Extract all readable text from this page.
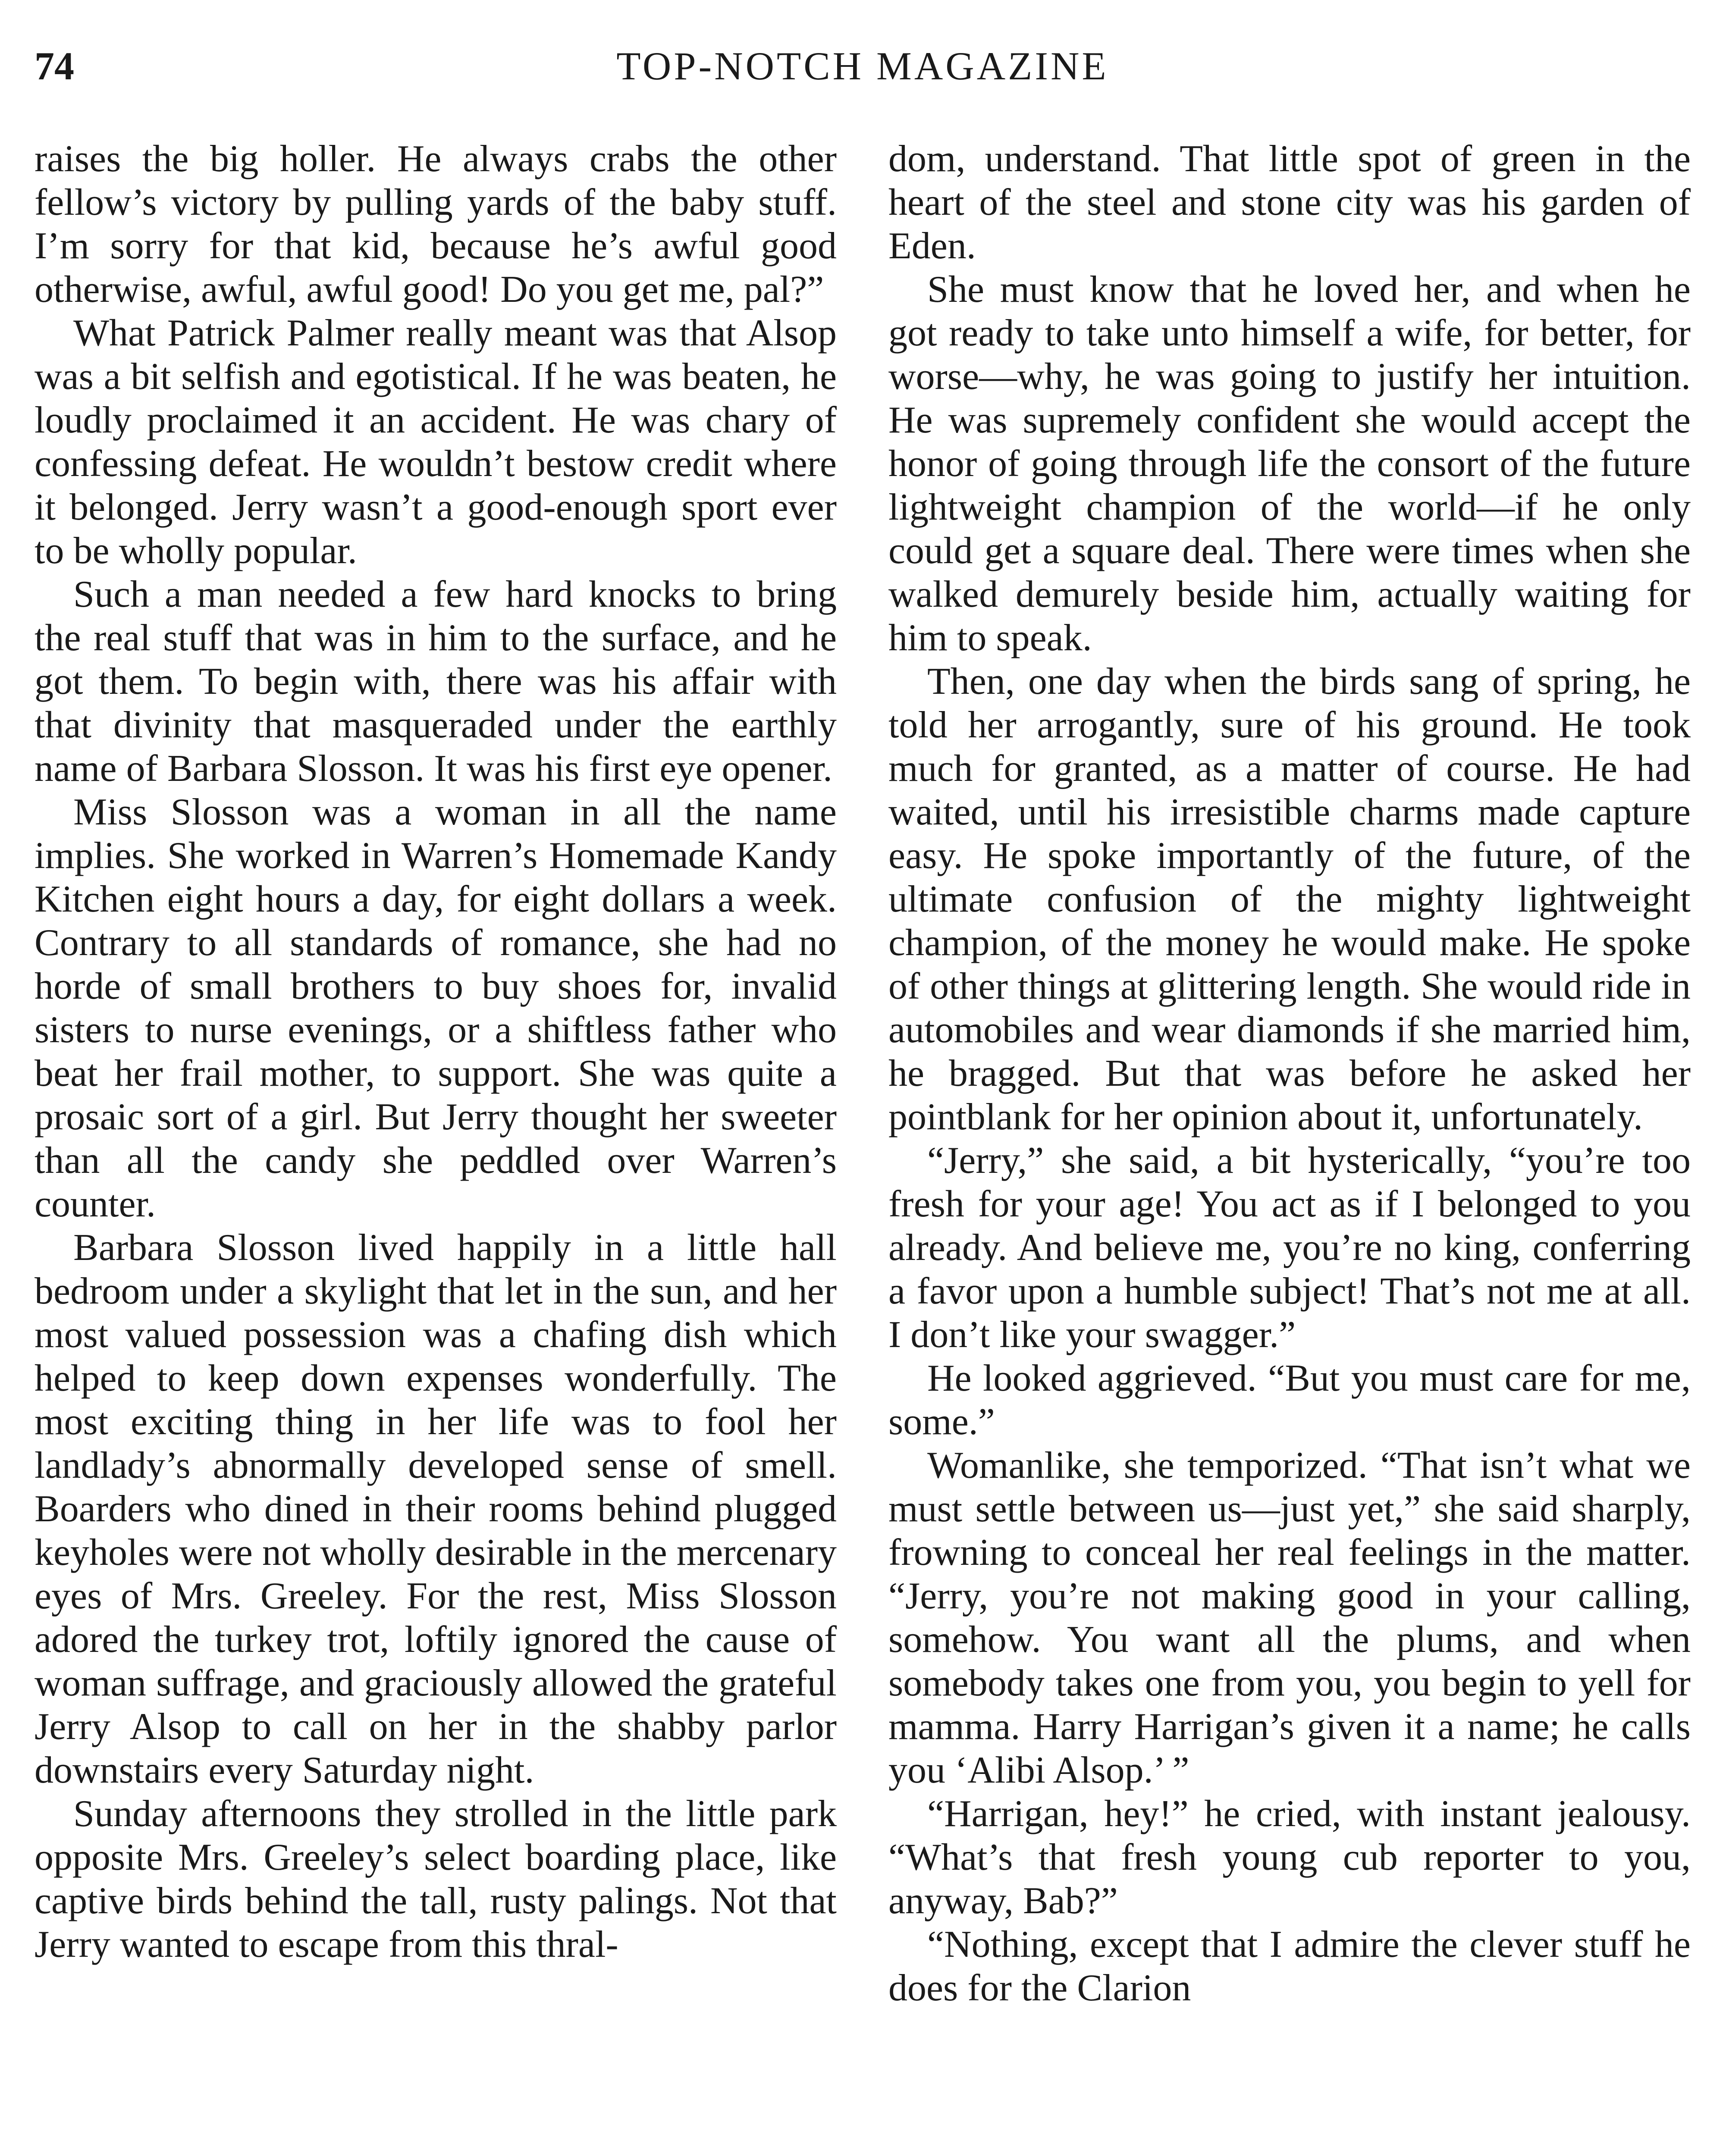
74	TOP-NOTCH MAGAZINE

raises the big holler. He always crabs the other fellow’s victory by pulling yards of the baby stuff. I’m sorry for that kid, because he’s awful good otherwise, awful, awful good! Do you get me, pal?”

What Patrick Palmer really meant was that Alsop was a bit selfish and egotistical. If he was beaten, he loudly proclaimed it an accident. He was chary of confessing defeat. He wouldn’t bestow credit where it belonged. Jerry wasn’t a good-enough sport ever to be wholly popular.

Such a man needed a few hard knocks to bring the real stuff that was in him to the surface, and he got them. To begin with, there was his affair with that divinity that masqueraded under the earthly name of Barbara Slosson. It was his first eye opener.

Miss Slosson was a woman in all the name implies. She worked in Warren’s Homemade Kandy Kitchen eight hours a day, for eight dollars a week. Contrary to all standards of romance, she had no horde of small brothers to buy shoes for, invalid sisters to nurse evenings, or a shiftless father who beat her frail mother, to support. She was quite a prosaic sort of a girl. But Jerry thought her sweeter than all the candy she peddled over Warren’s counter.

Barbara Slosson lived happily in a little hall bedroom under a skylight that let in the sun, and her most valued possession was a chafing dish which helped to keep down expenses wonderfully. The most exciting thing in her life was to fool her landlady’s abnormally developed sense of smell. Boarders who dined in their rooms behind plugged keyholes were not wholly desirable in the mercenary eyes of Mrs. Greeley. For the rest, Miss Slosson adored the turkey trot, loftily ignored the cause of woman suffrage, and graciously allowed the grateful Jerry Alsop to call on her in the shabby parlor downstairs every Saturday night.

Sunday afternoons they strolled in the little park opposite Mrs. Greeley’s select boarding place, like captive birds behind the tall, rusty palings. Not that Jerry wanted to escape from this thral-

dom, understand. That little spot of green in the heart of the steel and stone city was his garden of Eden.

She must know that he loved her, and when he got ready to take unto himself a wife, for better, for worse—why, he was going to justify her intuition. He was supremely confident she would accept the honor of going through life the consort of the future lightweight champion of the world—if he only could get a square deal. There were times when she walked demurely beside him, actually waiting for him to speak.

Then, one day when the birds sang of spring, he told her arrogantly, sure of his ground. He took much for granted, as a matter of course. He had waited, until his irresistible charms made capture easy. He spoke importantly of the future, of the ultimate confusion of the mighty lightweight champion, of the money he would make. He spoke of other things at glittering length. She would ride in automobiles and wear diamonds if she married him, he bragged. But that was before he asked her pointblank for her opinion about it, unfortunately.

“Jerry,” she said, a bit hysterically, “you’re too fresh for your age! You act as if I belonged to you already. And believe me, you’re no king, conferring a favor upon a humble subject! That’s not me at all. I don’t like your swagger.”

He looked aggrieved. “But you must care for me, some.”

Womanlike, she temporized. “That isn’t what we must settle between us—just yet,” she said sharply, frowning to conceal her real feelings in the matter. “Jerry, you’re not making good in your calling, somehow. You want all the plums, and when somebody takes one from you, you begin to yell for mamma. Harry Harrigan’s given it a name; he calls you ‘Alibi Alsop.’ ”

“Harrigan, hey!” he cried, with instant jealousy. “What’s that fresh young cub reporter to you, anyway, Bab?”

“Nothing, except that I admire the clever stuff he does for the Clarion
